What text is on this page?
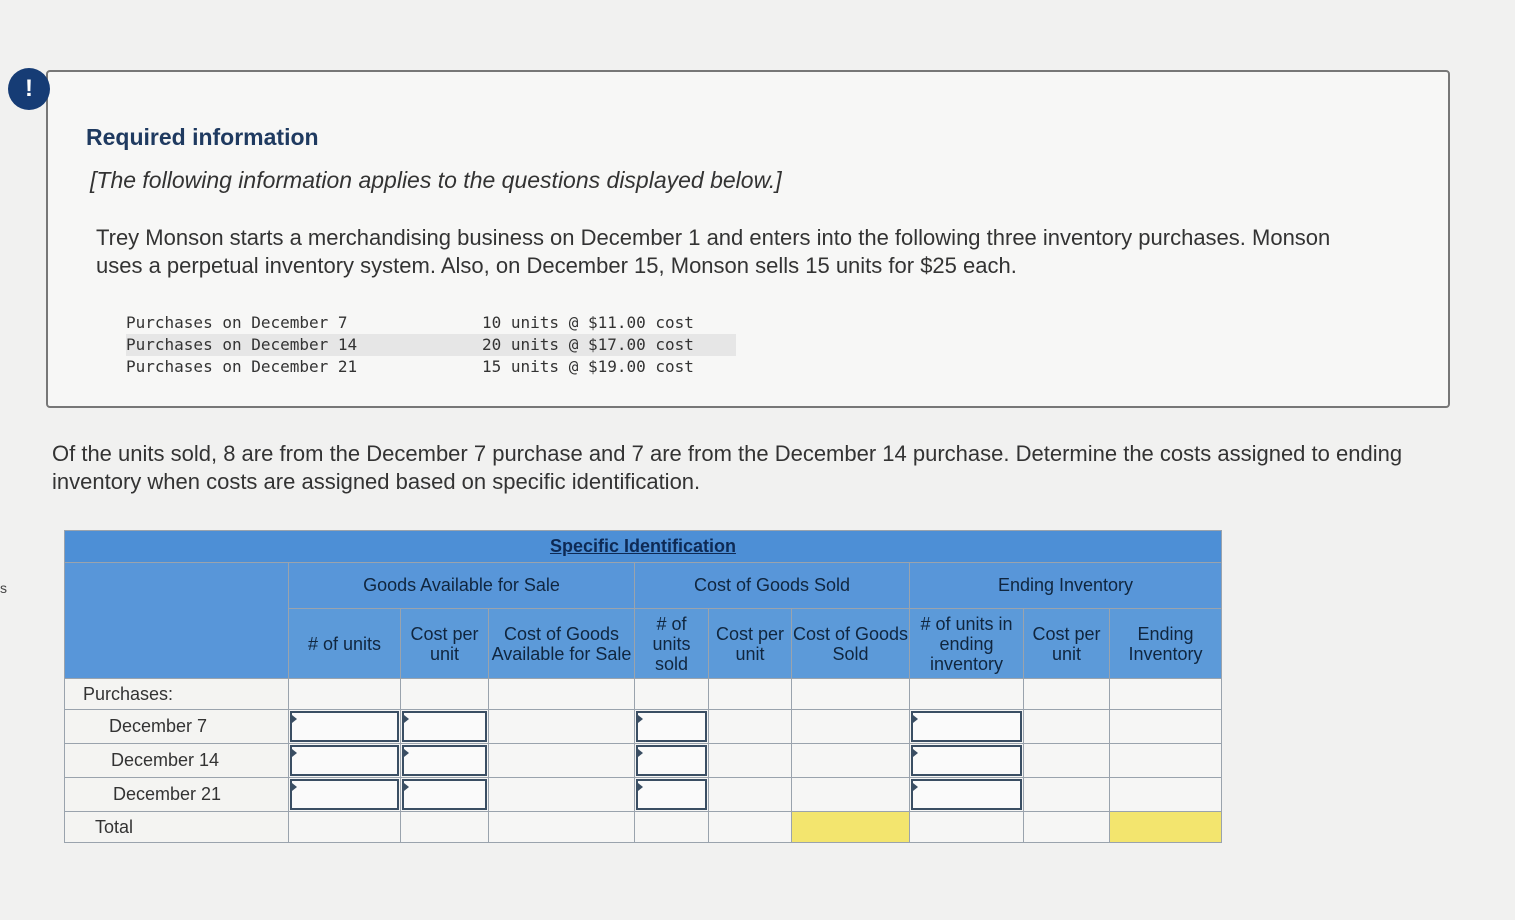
s
Required information
[The following information applies to the questions displayed below.]
Trey Monson starts a merchandising business on December 1 and enters into the following three inventory purchases. Monson uses a perpetual inventory system. Also, on December 15, Monson sells 15 units for $25 each.
Purchases on December 7	10 units @ $11.00 cost
Purchases on December 14	20 units @ $17.00 cost
Purchases on December 21	15 units @ $19.00 cost
!
Of the units sold, 8 are from the December 7 purchase and 7 are from the December 14 purchase. Determine the costs assigned to ending inventory when costs are assigned based on specific identification.
Specific Identification									
	Goods Available for Sale			Cost of Goods Sold			Ending Inventory		
	# of units	Cost per unit	Cost of Goods Available for Sale	# of units sold	Cost per unit	Cost of Goods Sold	# of units in ending inventory	Cost per unit	Ending Inventory
Purchases:									
December 7	

December 14	

December 21	

Total									
